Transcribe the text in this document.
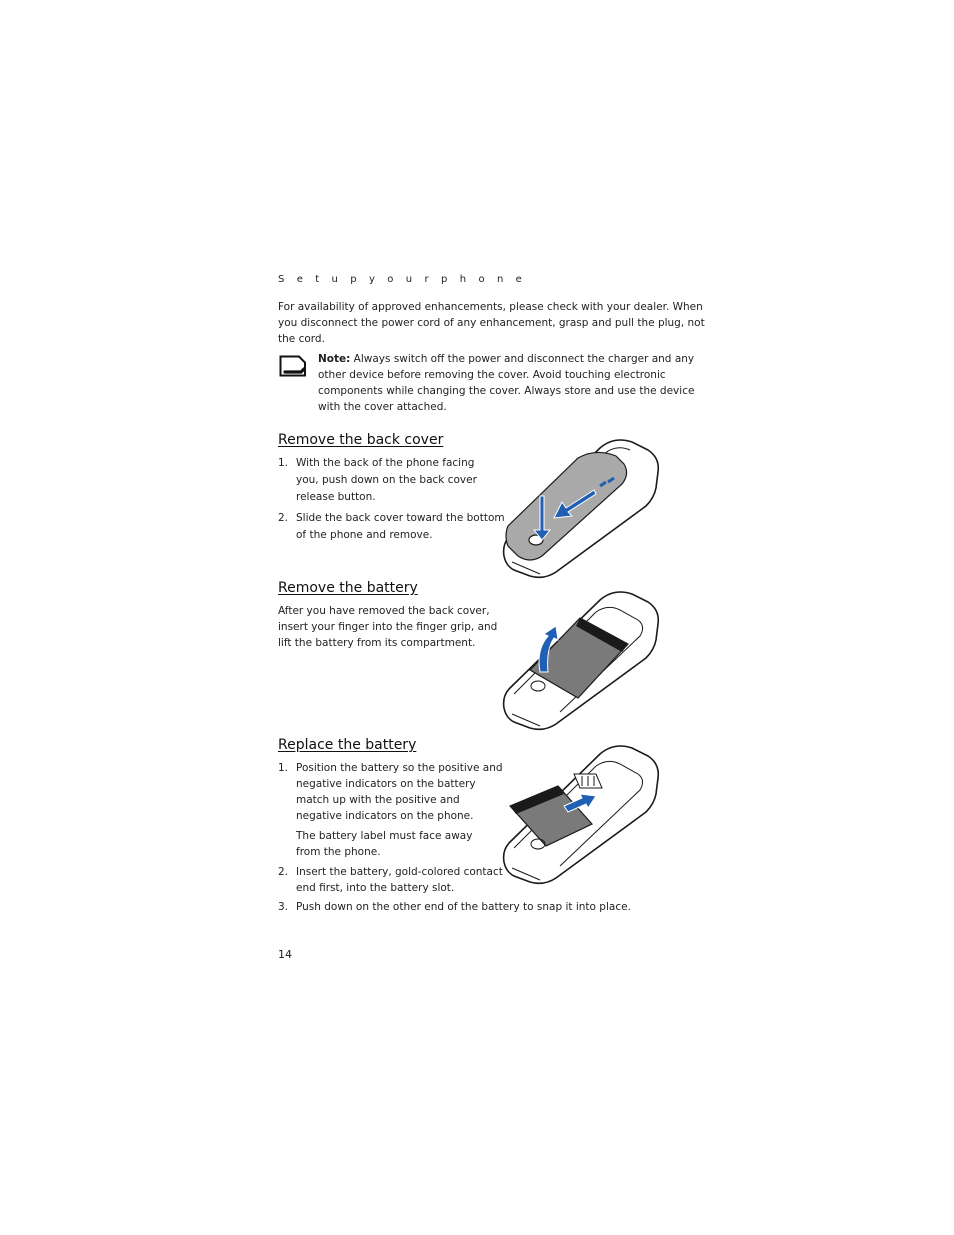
S e t u p y o u r p h o n e
For availability of approved enhancements, please check with your dealer. When
you disconnect the power cord of any enhancement, grasp and pull the plug, not
the cord.
Note: Always switch off the power and disconnect the charger and any
other device before removing the cover. Avoid touching electronic
components while changing the cover. Always store and use the device
with the cover attached.
Remove the back cover
1. With the back of the phone facing
you, push down on the back cover
release button.
2. Slide the back cover toward the bottom
of the phone and remove.
Remove the battery
After you have removed the back cover,
insert your finger into the finger grip, and
lift the battery from its compartment.
Replace the battery
1. Position the battery so the positive and
negative indicators on the battery
match up with the positive and
negative indicators on the phone.
The battery label must face away
from the phone.
2. Insert the battery, gold-colored contact
end first, into the battery slot.
3. Push down on the other end of the battery to snap it into place.
14
